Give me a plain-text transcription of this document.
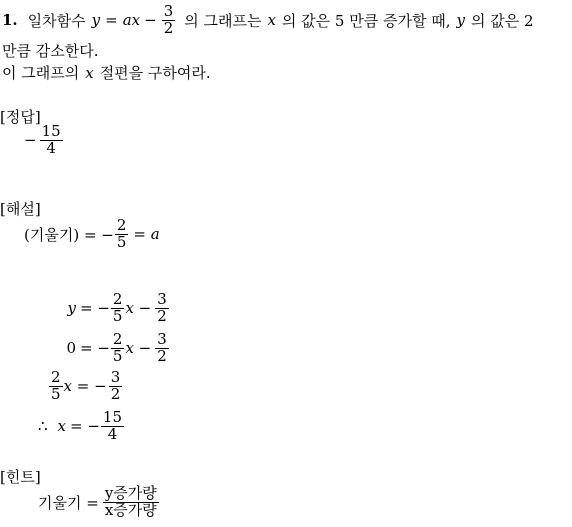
1. 일차함수 y = ax − $\frac{3}{2}$ 의 그래프는 x 의 값은 5 만큼 증가할 때, y 의 값은 2
만큼 감소한다.
이 그래프의 x 절편을 구하여라.
[정답]
− $\frac{15}{4}$
[해설]
(기울기) = − $\frac{2}{5} = a$
y = − $\frac{2}{5}$ $x - \frac{3}{2}$
0 = − $\frac{2}{5}$ $x - \frac{3}{2}$
$\frac{2}{5}$ x = − $\frac{3}{2}$
∴ x = − $\frac{15}{4}$
[힌트]
기울기 = $\frac{\text{y증가량}}{\text{x증가량}}$
